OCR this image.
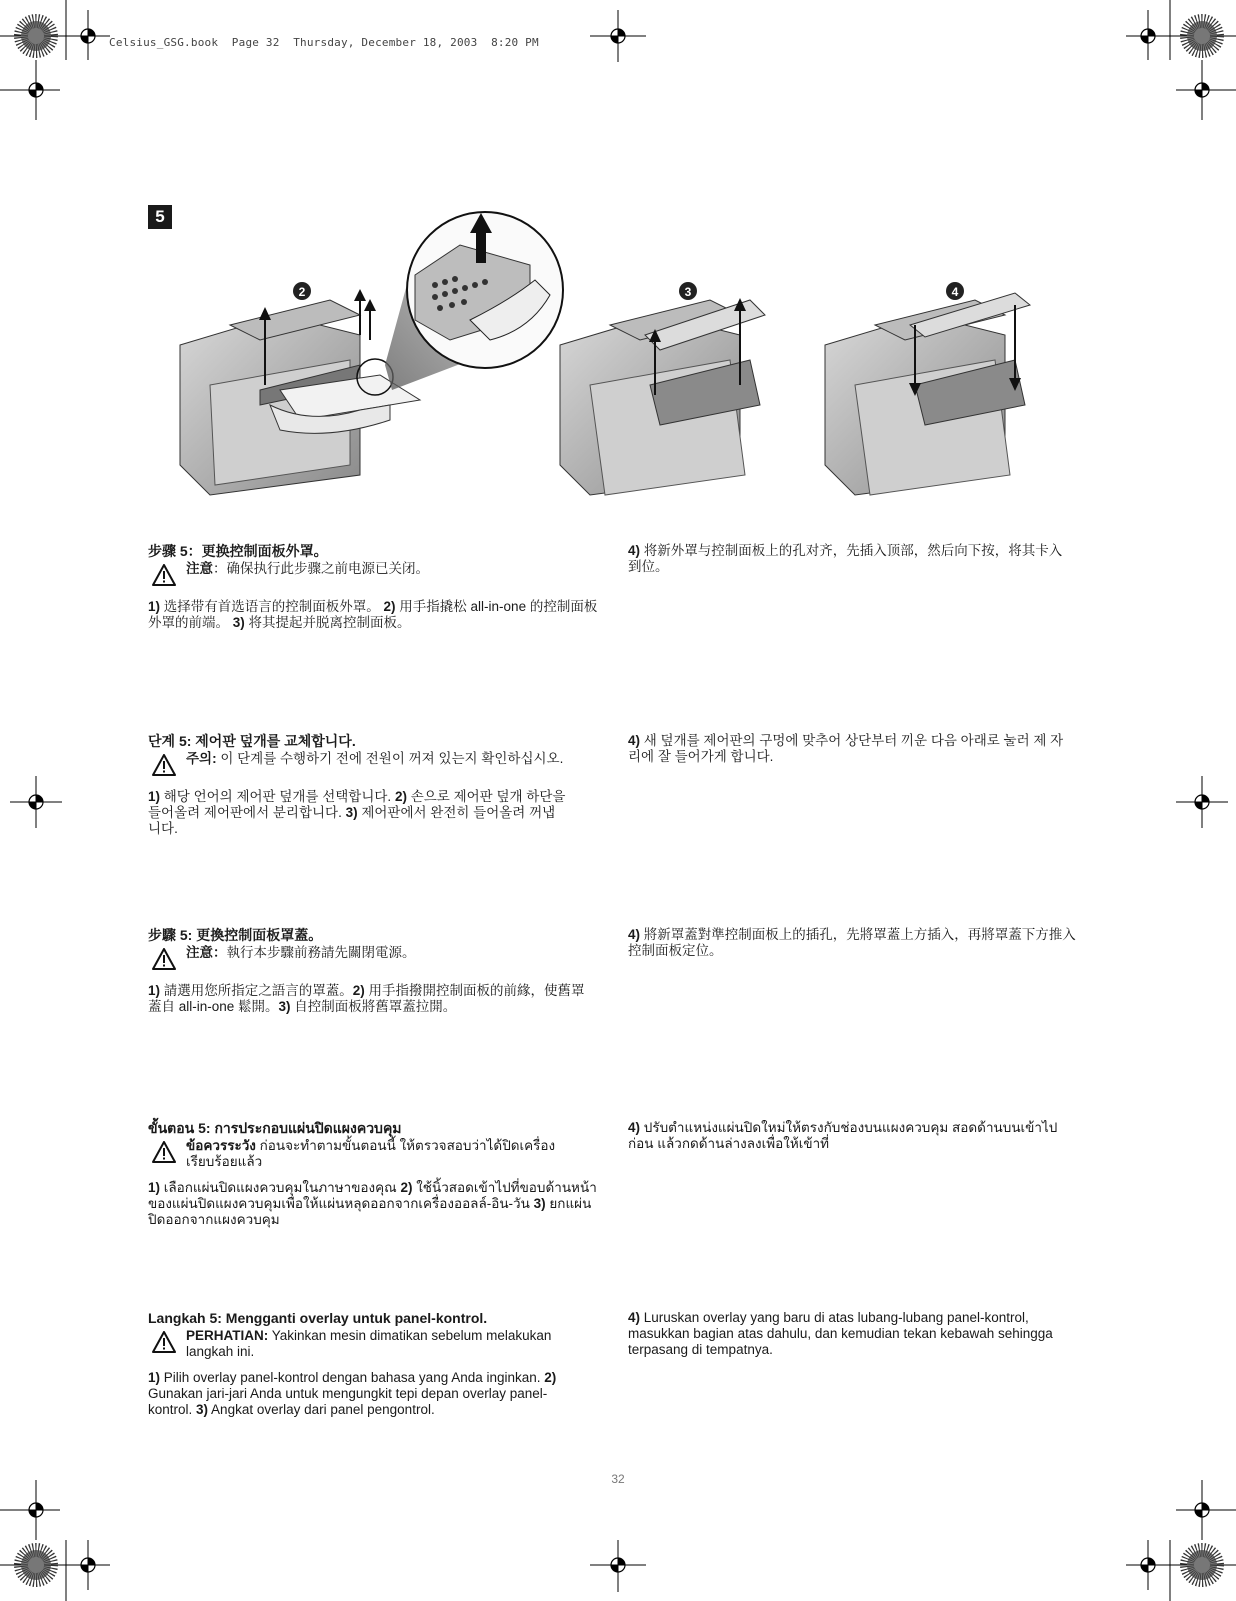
Celsius_GSG.book  Page 32  Thursday, December 18, 2003  8:20 PM
5
2	3	4
步骤 5：更换控制面板外罩。
注意：确保执行此步骤之前电源已关闭。
1) 选择带有首选语言的控制面板外罩。 2) 用手指撬松 all-in-one 的控制面板外罩的前端。 3) 将其提起并脱离控制面板。
4) 将新外罩与控制面板上的孔对齐，先插入顶部，然后向下按，将其卡入到位。
단계 5: 제어판 덮개를 교체합니다.
주의: 이 단계를 수행하기 전에 전원이 꺼져 있는지 확인하십시오.
1) 해당 언어의 제어판 덮개를 선택합니다. 2) 손으로 제어판 덮개 하단을 들어올려 제어판에서 분리합니다. 3) 제어판에서 완전히 들어올려 꺼냅니다.
4) 새 덮개를 제어판의 구멍에 맞추어 상단부터 끼운 다음 아래로 눌러 제 자리에 잘 들어가게 합니다.
步驟 5: 更換控制面板罩蓋。
注意：執行本步驟前務請先關閉電源。
1) 請選用您所指定之語言的罩蓋。2) 用手指撥開控制面板的前緣，使舊罩蓋自 all-in-one 鬆開。3) 自控制面板將舊罩蓋拉開。
4) 將新罩蓋對準控制面板上的插孔，先將罩蓋上方插入，再將罩蓋下方推入控制面板定位。
ขั้นตอน 5: การประกอบแผ่นปิดแผงควบคุม
ข้อควรระวัง ก่อนจะทำตามขั้นตอนนี้ ให้ตรวจสอบว่าได้ปิดเครื่องเรียบร้อยแล้ว
1) เลือกแผ่นปิดแผงควบคุมในภาษาของคุณ 2) ใช้นิ้วสอดเข้าไปที่ขอบด้านหน้าของแผ่นปิดแผงควบคุมเพื่อให้แผ่นหลุดออกจากเครื่องออลล์-อิน-วัน 3) ยกแผ่นปิดออกจากแผงควบคุม
4) ปรับตำแหน่งแผ่นปิดใหม่ให้ตรงกับช่องบนแผงควบคุม สอดด้านบนเข้าไปก่อน แล้วกดด้านล่างลงเพื่อให้เข้าที่
Langkah 5: Mengganti overlay untuk panel-kontrol.
PERHATIAN: Yakinkan mesin dimatikan sebelum melakukan langkah ini.
1) Pilih overlay panel-kontrol dengan bahasa yang Anda inginkan. 2) Gunakan jari-jari Anda untuk mengungkit tepi depan overlay panel-kontrol. 3) Angkat overlay dari panel pengontrol.
4) Luruskan overlay yang baru di atas lubang-lubang panel-kontrol, masukkan bagian atas dahulu, dan kemudian tekan kebawah sehingga terpasang di tempatnya.
32
